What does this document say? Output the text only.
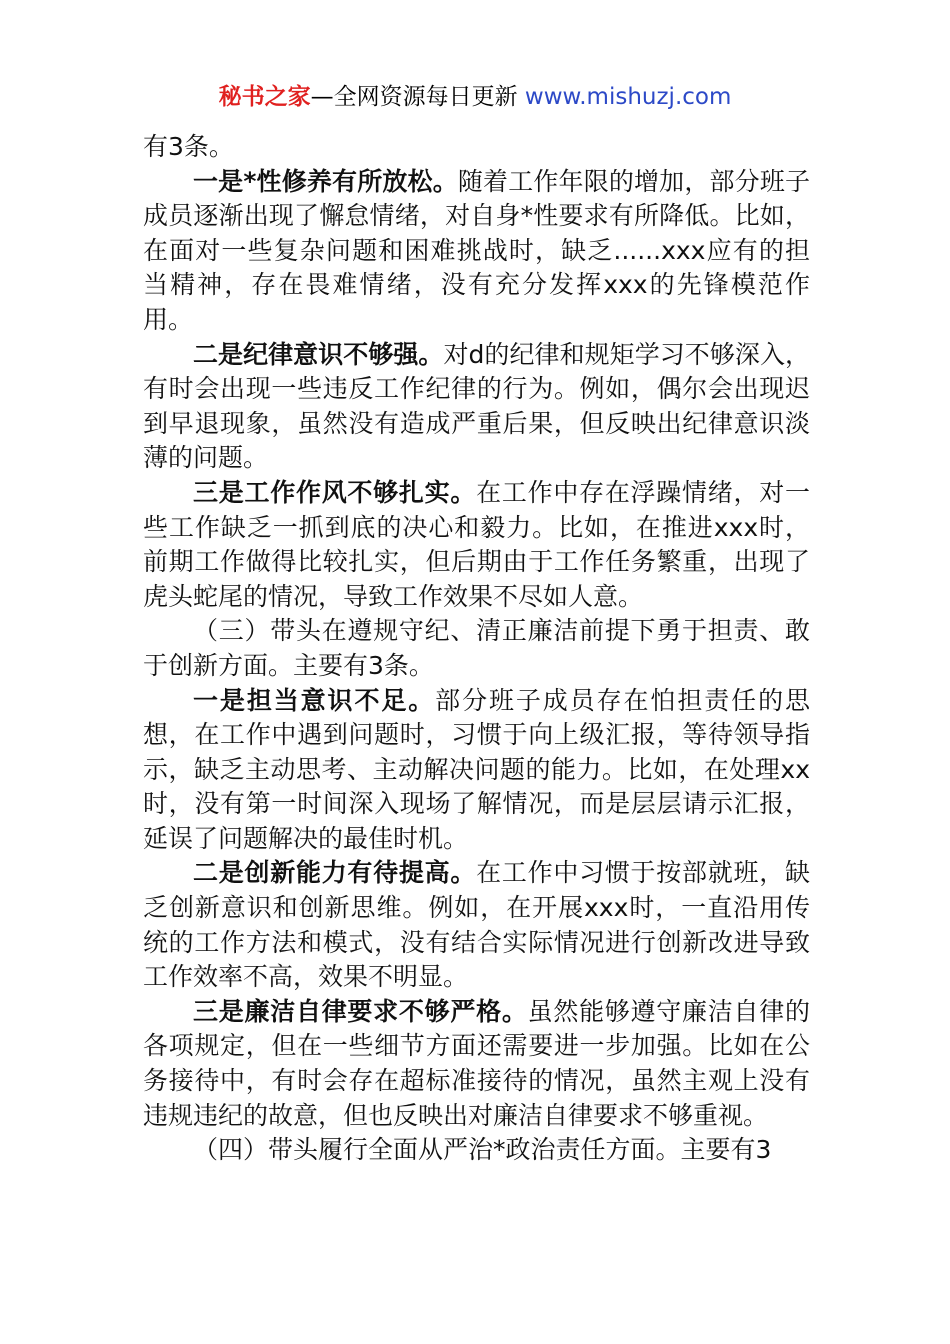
秘书之家—全网资源每日更新 www.mishuzj.com

有3条。

一是*性修养有所放松。随着工作年限的增加，部分班子成员逐渐出现了懈怠情绪，对自身*性要求有所降低。比如，在面对一些复杂问题和困难挑战时，缺乏......xxx应有的担当精神，存在畏难情绪，没有充分发挥xxx的先锋模范作用。

二是纪律意识不够强。对d的纪律和规矩学习不够深入，有时会出现一些违反工作纪律的行为。例如，偶尔会出现迟到早退现象，虽然没有造成严重后果，但反映出纪律意识淡薄的问题。

三是工作作风不够扎实。在工作中存在浮躁情绪，对一些工作缺乏一抓到底的决心和毅力。比如，在推进xxx时，前期工作做得比较扎实，但后期由于工作任务繁重，出现了虎头蛇尾的情况，导致工作效果不尽如人意。

（三）带头在遵规守纪、清正廉洁前提下勇于担责、敢于创新方面。主要有3条。

一是担当意识不足。部分班子成员存在怕担责任的思想，在工作中遇到问题时，习惯于向上级汇报，等待领导指示，缺乏主动思考、主动解决问题的能力。比如，在处理xx时，没有第一时间深入现场了解情况，而是层层请示汇报，延误了问题解决的最佳时机。

二是创新能力有待提高。在工作中习惯于按部就班，缺乏创新意识和创新思维。例如，在开展xxx时，一直沿用传统的工作方法和模式，没有结合实际情况进行创新改进导致工作效率不高，效果不明显。

三是廉洁自律要求不够严格。虽然能够遵守廉洁自律的各项规定，但在一些细节方面还需要进一步加强。比如在公务接待中，有时会存在超标准接待的情况，虽然主观上没有违规违纪的故意，但也反映出对廉洁自律要求不够重视。

（四）带头履行全面从严治*政治责任方面。主要有3
